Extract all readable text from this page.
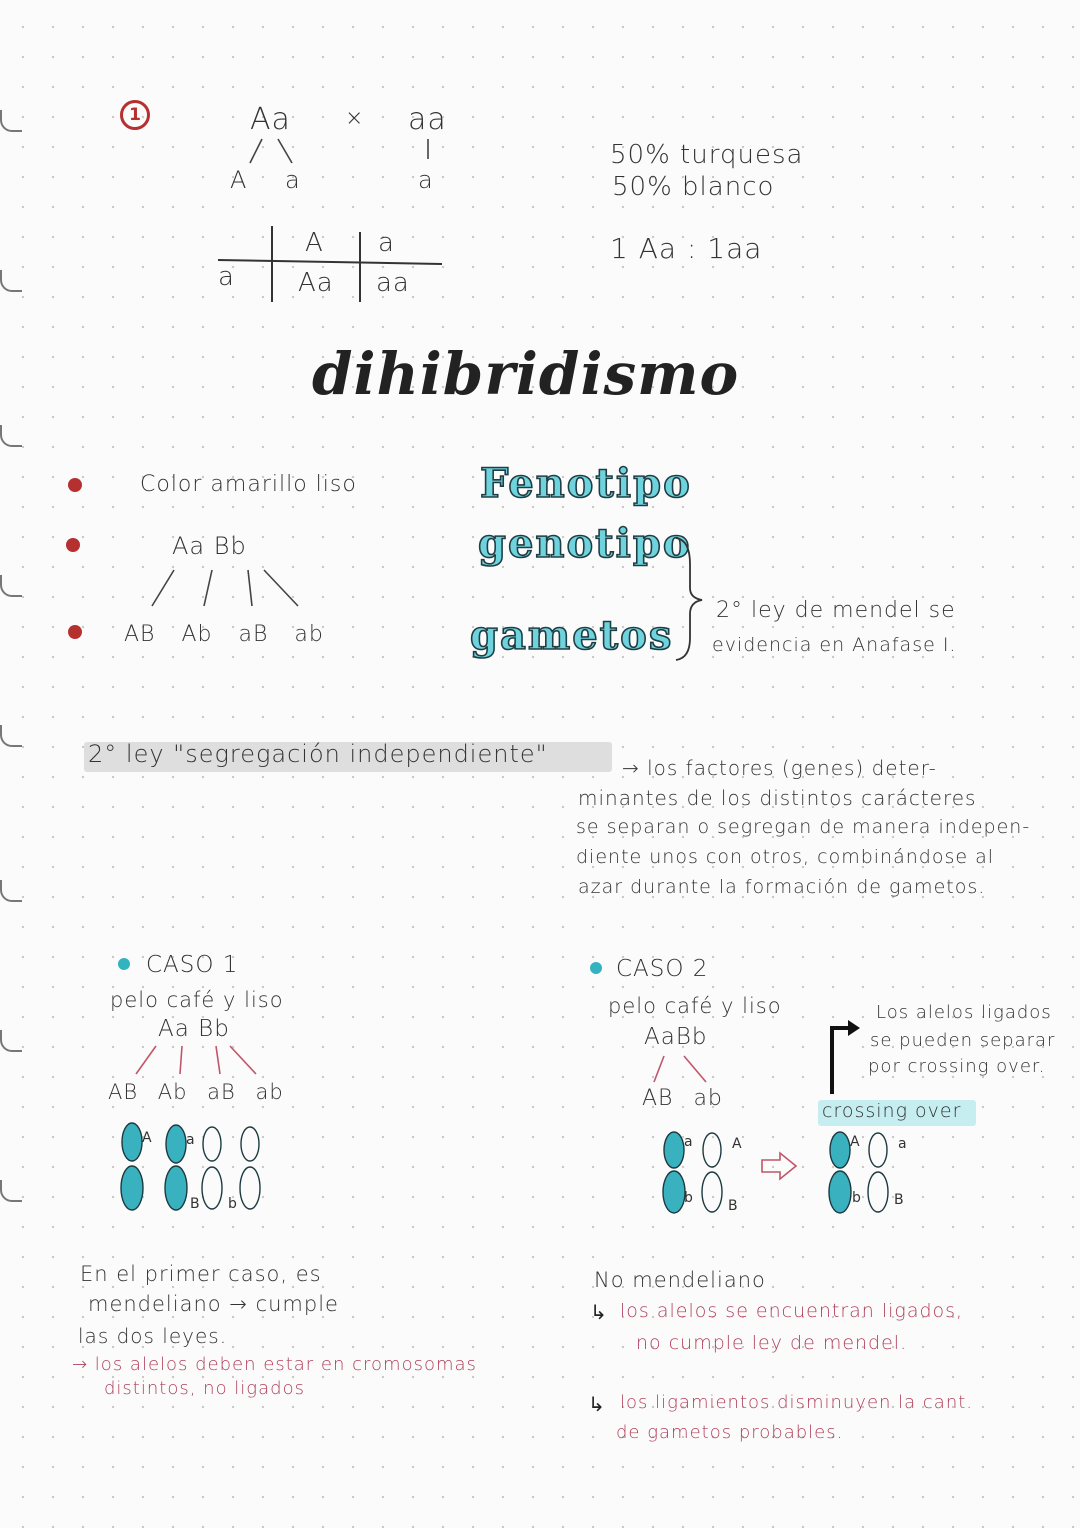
1	Aa × aa
A a	a
A a
a Aa aa
50% turquesa
50% blanco
1 Aa : 1aa
dihibridismo
Color amarillo liso
Aa Bb
AB Ab aB ab
Fenotipo
genotipo
gametos
2° ley de mendel se
evidencia en Anafase I.
2° ley "segregación independiente"	→ los factores (genes) deter-
minantes de los distintos carácteres
se separan o segregan de manera indepen-
diente unos con otros, combinándose al
azar durante la formación de gametos.
CASO 1
pelo café y liso
Aa Bb
AB Ab aB ab
A a
B b
En el primer caso, es
mendeliano → cumple
las dos leyes.
→ los alelos deben estar en cromosomas
distintos, no ligados
CASO 2
pelo café y liso
AaBb
AB ab
a	A
b	B
A	a
b B
Los alelos ligados
se pueden separar
por crossing over.
crossing over
No mendeliano
↳ los alelos se encuentran ligados,
no cumple ley de mendel.
↳ los ligamientos disminuyen la cant.
de gametos probables.
